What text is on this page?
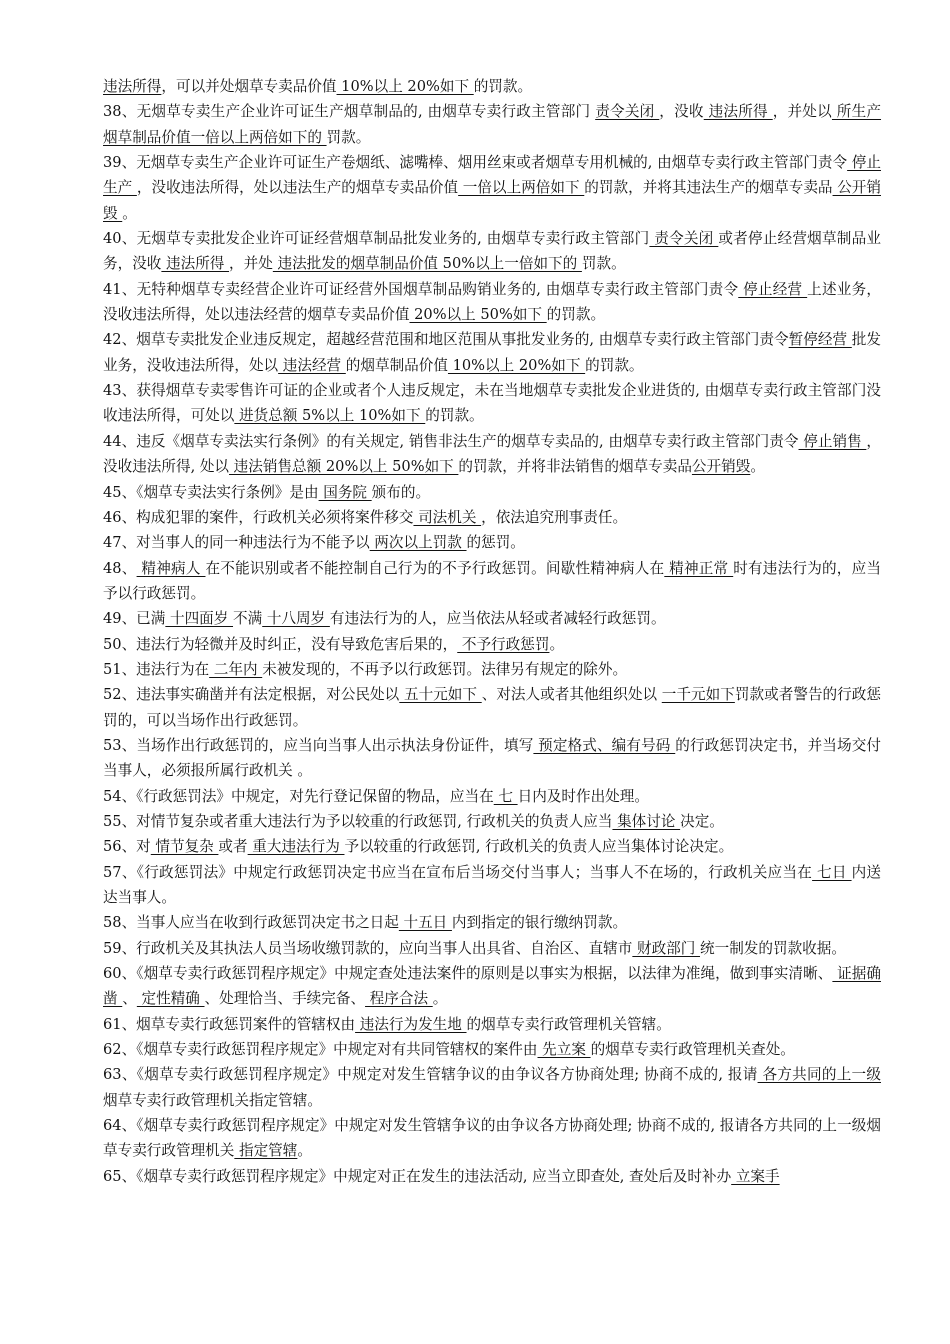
违法所得，可以并处烟草专卖品价值 10%以上 20%如下 的罚款。

38、无烟草专卖生产企业许可证生产烟草制品的, 由烟草专卖行政主管部门 责令关闭 ，没收 违法所得 ，并处以 所生产烟草制品价值一倍以上两倍如下的 罚款。

39、无烟草专卖生产企业许可证生产卷烟纸、滤嘴棒、烟用丝束或者烟草专用机械的, 由烟草专卖行政主管部门责令 停止生产 ，没收违法所得，处以违法生产的烟草专卖品价值 一倍以上两倍如下 的罚款，并将其违法生产的烟草专卖品 公开销毁 。

40、无烟草专卖批发企业许可证经营烟草制品批发业务的, 由烟草专卖行政主管部门 责令关闭 或者停止经营烟草制品业务，没收 违法所得 ，并处 违法批发的烟草制品价值 50%以上一倍如下的 罚款。

41、无特种烟草专卖经营企业许可证经营外国烟草制品购销业务的, 由烟草专卖行政主管部门责令 停止经营 上述业务，没收违法所得，处以违法经营的烟草专卖品价值 20%以上 50%如下 的罚款。

42、烟草专卖批发企业违反规定，超越经营范围和地区范围从事批发业务的, 由烟草专卖行政主管部门责令暂停经营 批发业务，没收违法所得，处以 违法经营 的烟草制品价值 10%以上 20%如下 的罚款。

43、获得烟草专卖零售许可证的企业或者个人违反规定，未在当地烟草专卖批发企业进货的, 由烟草专卖行政主管部门没收违法所得，可处以 进货总额 5%以上 10%如下 的罚款。

44、违反《烟草专卖法实行条例》的有关规定, 销售非法生产的烟草专卖品的, 由烟草专卖行政主管部门责令 停止销售 ，没收违法所得, 处以 违法销售总额 20%以上 50%如下 的罚款，并将非法销售的烟草专卖品公开销毁。

45、《烟草专卖法实行条例》是由 国务院 颁布的。

46、构成犯罪的案件，行政机关必须将案件移交 司法机关 ，依法追究刑事责任。

47、对当事人的同一种违法行为不能予以 两次以上罚款 的惩罚。

48、 精神病人 在不能识别或者不能控制自己行为的不予行政惩罚。间歇性精神病人在 精神正常 时有违法行为的，应当予以行政惩罚。

49、已满 十四面岁 不满 十八周岁 有违法行为的人，应当依法从轻或者减轻行政惩罚。

50、违法行为轻微并及时纠正，没有导致危害后果的， 不予行政惩罚。

51、违法行为在 二年内 未被发现的，不再予以行政惩罚。法律另有规定的除外。

52、违法事实确凿并有法定根据，对公民处以 五十元如下 、对法人或者其他组织处以 一千元如下罚款或者警告的行政惩罚的，可以当场作出行政惩罚。

53、当场作出行政惩罚的，应当向当事人出示执法身份证件，填写 预定格式、编有号码 的行政惩罚决定书，并当场交付当事人，必须报所属行政机关 。

54、《行政惩罚法》中规定，对先行登记保留的物品，应当在 七 日内及时作出处理。

55、对情节复杂或者重大违法行为予以较重的行政惩罚, 行政机关的负责人应当 集体讨论 决定。

56、对 情节复杂 或者 重大违法行为 予以较重的行政惩罚, 行政机关的负责人应当集体讨论决定。

57、《行政惩罚法》中规定行政惩罚决定书应当在宣布后当场交付当事人；当事人不在场的，行政机关应当在 七日 内送达当事人。

58、当事人应当在收到行政惩罚决定书之日起 十五日 内到指定的银行缴纳罚款。

59、行政机关及其执法人员当场收缴罚款的，应向当事人出具省、自治区、直辖市 财政部门 统一制发的罚款收据。

60、《烟草专卖行政惩罚程序规定》中规定查处违法案件的原则是以事实为根据，以法律为准绳，做到事实清晰、 证据确凿 、 定性精确 、处理恰当、手续完备、 程序合法 。

61、烟草专卖行政惩罚案件的管辖权由 违法行为发生地 的烟草专卖行政管理机关管辖。

62、《烟草专卖行政惩罚程序规定》中规定对有共同管辖权的案件由 先立案 的烟草专卖行政管理机关查处。

63、《烟草专卖行政惩罚程序规定》中规定对发生管辖争议的由争议各方协商处理; 协商不成的, 报请 各方共同的上一级 烟草专卖行政管理机关指定管辖。

64、《烟草专卖行政惩罚程序规定》中规定对发生管辖争议的由争议各方协商处理; 协商不成的, 报请各方共同的上一级烟草专卖行政管理机关 指定管辖。

65、《烟草专卖行政惩罚程序规定》中规定对正在发生的违法活动, 应当立即查处, 查处后及时补办 立案手
